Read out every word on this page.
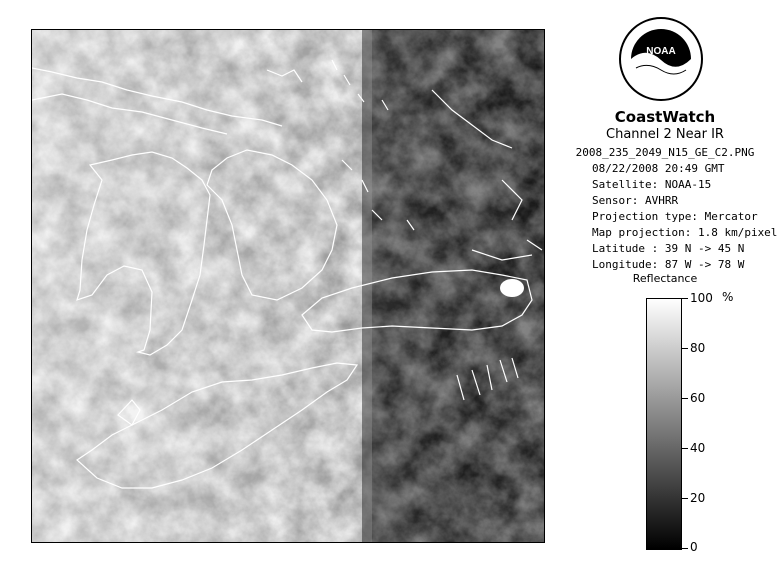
NOAA
CoastWatch
Channel 2 Near IR
2008_235_2049_N15_GE_C2.PNG
08/22/2008 20:49 GMT
Satellite: NOAA-15
Sensor: AVHRR
Projection type: Mercator
Map projection: 1.8 km/pixel
Latitude : 39 N -> 45 N
Longitude: 87 W -> 78 W
Reflectance
%
100
80
60
40
20
0
